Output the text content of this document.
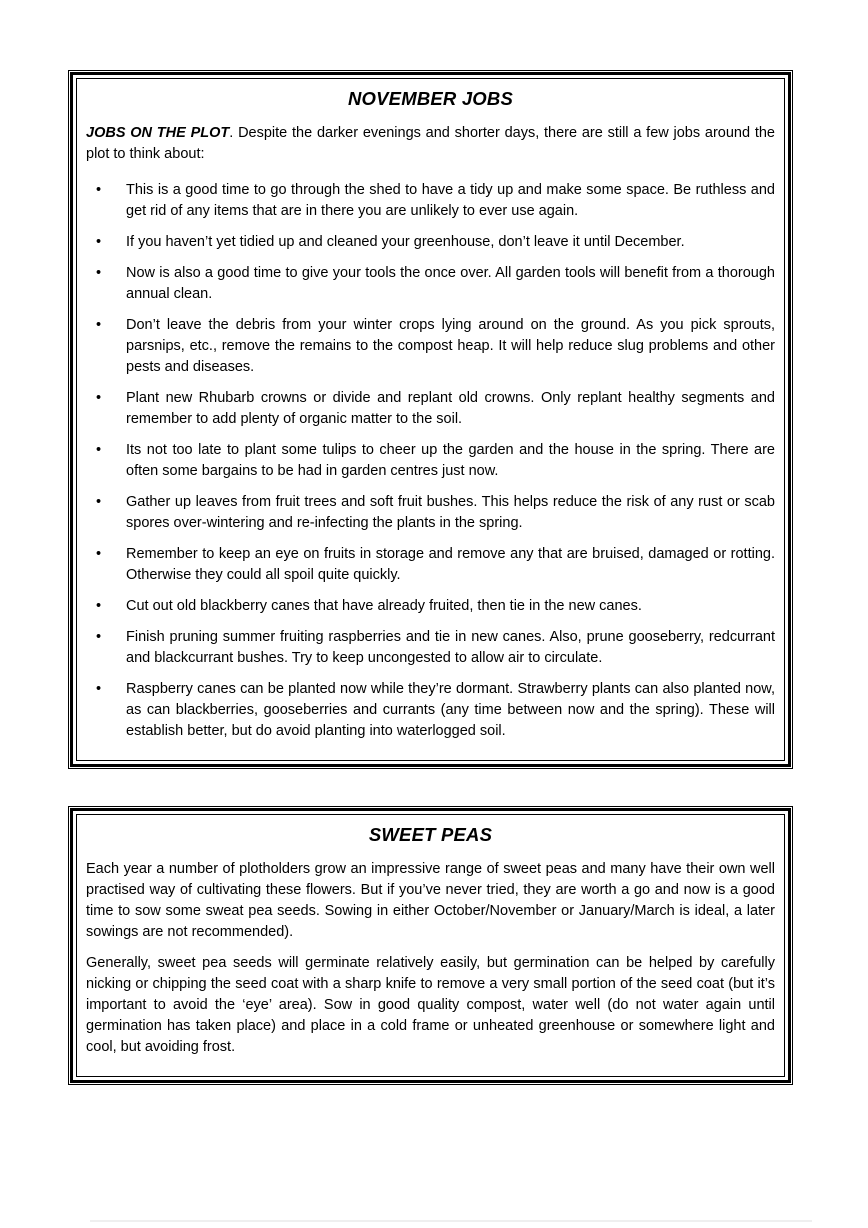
NOVEMBER JOBS

JOBS ON THE PLOT. Despite the darker evenings and shorter days, there are still a few jobs around the plot to think about:

•	This is a good time to go through the shed to have a tidy up and make some space. Be ruthless and get rid of any items that are in there you are unlikely to ever use again.

•	If you haven’t yet tidied up and cleaned your greenhouse, don’t leave it until December.

•	Now is also a good time to give your tools the once over. All garden tools will benefit from a thorough annual clean.

•	Don’t leave the debris from your winter crops lying around on the ground. As you pick sprouts, parsnips, etc., remove the remains to the compost heap. It will help reduce slug problems and other pests and diseases.

•	Plant new Rhubarb crowns or divide and replant old crowns. Only replant healthy segments and remember to add plenty of organic matter to the soil.

•	Its not too late to plant some tulips to cheer up the garden and the house in the spring. There are often some bargains to be had in garden centres just now.

•	Gather up leaves from fruit trees and soft fruit bushes. This helps reduce the risk of any rust or scab spores over-wintering and re-infecting the plants in the spring.

•	Remember to keep an eye on fruits in storage and remove any that are bruised, damaged or rotting. Otherwise they could all spoil quite quickly.

•	Cut out old blackberry canes that have already fruited, then tie in the new canes.

•	Finish pruning summer fruiting raspberries and tie in new canes. Also, prune gooseberry, redcurrant and blackcurrant bushes. Try to keep uncongested to allow air to circulate.

•	Raspberry canes can be planted now while they’re dormant. Strawberry plants can also planted now, as can blackberries, gooseberries and currants (any time between now and the spring). These will establish better, but do avoid planting into waterlogged soil.

SWEET PEAS

Each year a number of plotholders grow an impressive range of sweet peas and many have their own well practised way of cultivating these flowers. But if you’ve never tried, they are worth a go and now is a good time to sow some sweat pea seeds. Sowing in either October/November or January/March is ideal, a later sowings are not recommended).

Generally, sweet pea seeds will germinate relatively easily, but germination can be helped by carefully nicking or chipping the seed coat with a sharp knife to remove a very small portion of the seed coat (but it’s important to avoid the ‘eye’ area). Sow in good quality compost, water well (do not water again until germination has taken place) and place in a cold frame or unheated greenhouse or somewhere light and cool, but avoiding frost.
